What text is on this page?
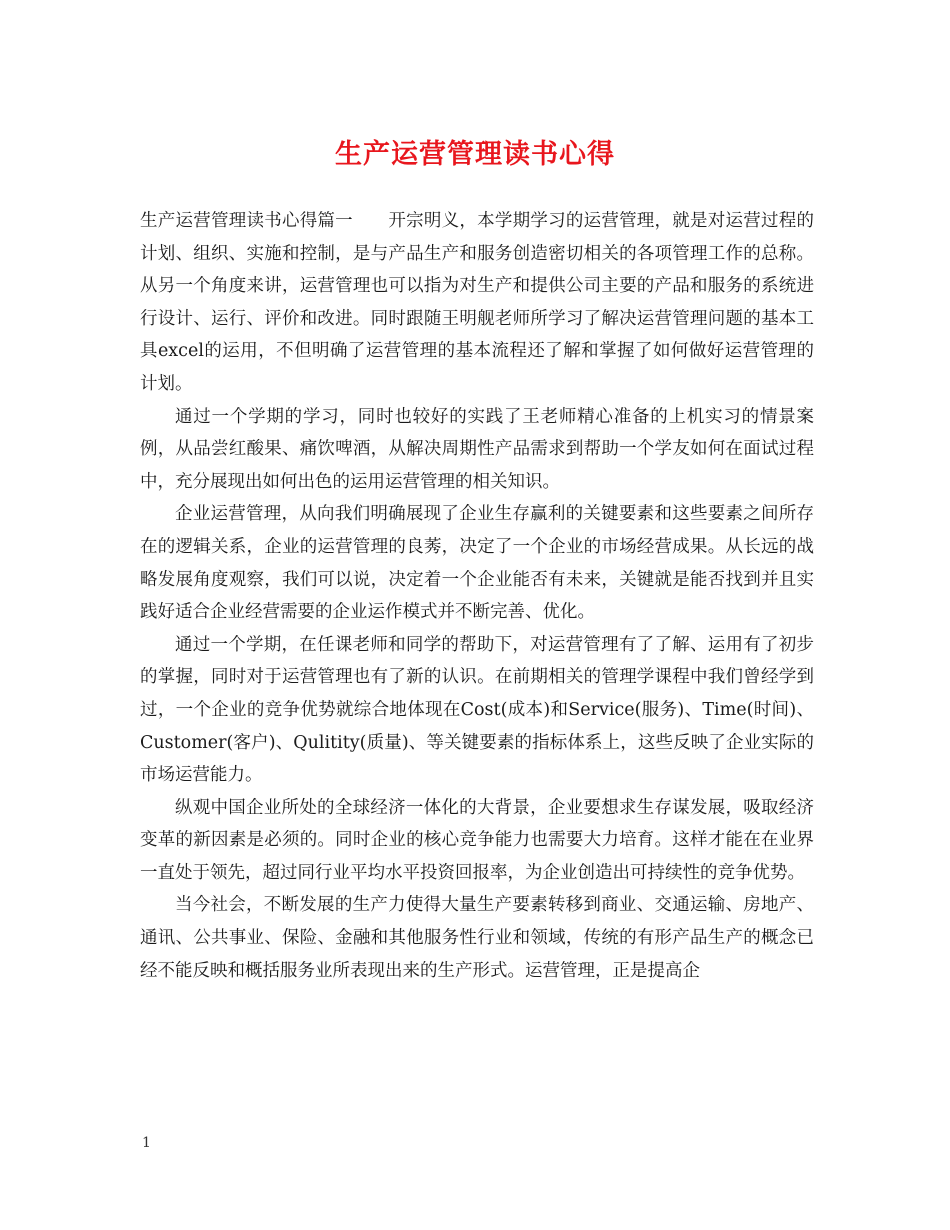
生产运营管理读书心得

生产运营管理读书心得篇一　　开宗明义，本学期学习的运营管理，就是对运营过程的计划、组织、实施和控制，是与产品生产和服务创造密切相关的各项管理工作的总称。从另一个角度来讲，运营管理也可以指为对生产和提供公司主要的产品和服务的系统进行设计、运行、评价和改进。同时跟随王明舰老师所学习了解决运营管理问题的基本工具excel的运用，不但明确了运营管理的基本流程还了解和掌握了如何做好运营管理的计划。

通过一个学期的学习，同时也较好的实践了王老师精心准备的上机实习的情景案例，从品尝红酸果、痛饮啤酒，从解决周期性产品需求到帮助一个学友如何在面试过程中，充分展现出如何出色的运用运营管理的相关知识。

企业运营管理，从向我们明确展现了企业生存赢利的关键要素和这些要素之间所存在的逻辑关系，企业的运营管理的良莠，决定了一个企业的市场经营成果。从长远的战略发展角度观察，我们可以说，决定着一个企业能否有未来，关键就是能否找到并且实践好适合企业经营需要的企业运作模式并不断完善、优化。

通过一个学期，在任课老师和同学的帮助下，对运营管理有了了解、运用有了初步的掌握，同时对于运营管理也有了新的认识。在前期相关的管理学课程中我们曾经学到过，一个企业的竞争优势就综合地体现在Cost(成本)和Service(服务)、Time(时间)、Customer(客户)、Qulitity(质量)、等关键要素的指标体系上，这些反映了企业实际的市场运营能力。

纵观中国企业所处的全球经济一体化的大背景，企业要想求生存谋发展，吸取经济变革的新因素是必须的。同时企业的核心竞争能力也需要大力培育。这样才能在在业界一直处于领先，超过同行业平均水平投资回报率，为企业创造出可持续性的竞争优势。

当今社会，不断发展的生产力使得大量生产要素转移到商业、交通运输、房地产、通讯、公共事业、保险、金融和其他服务性行业和领域，传统的有形产品生产的概念已经不能反映和概括服务业所表现出来的生产形式。运营管理，正是提高企

1
